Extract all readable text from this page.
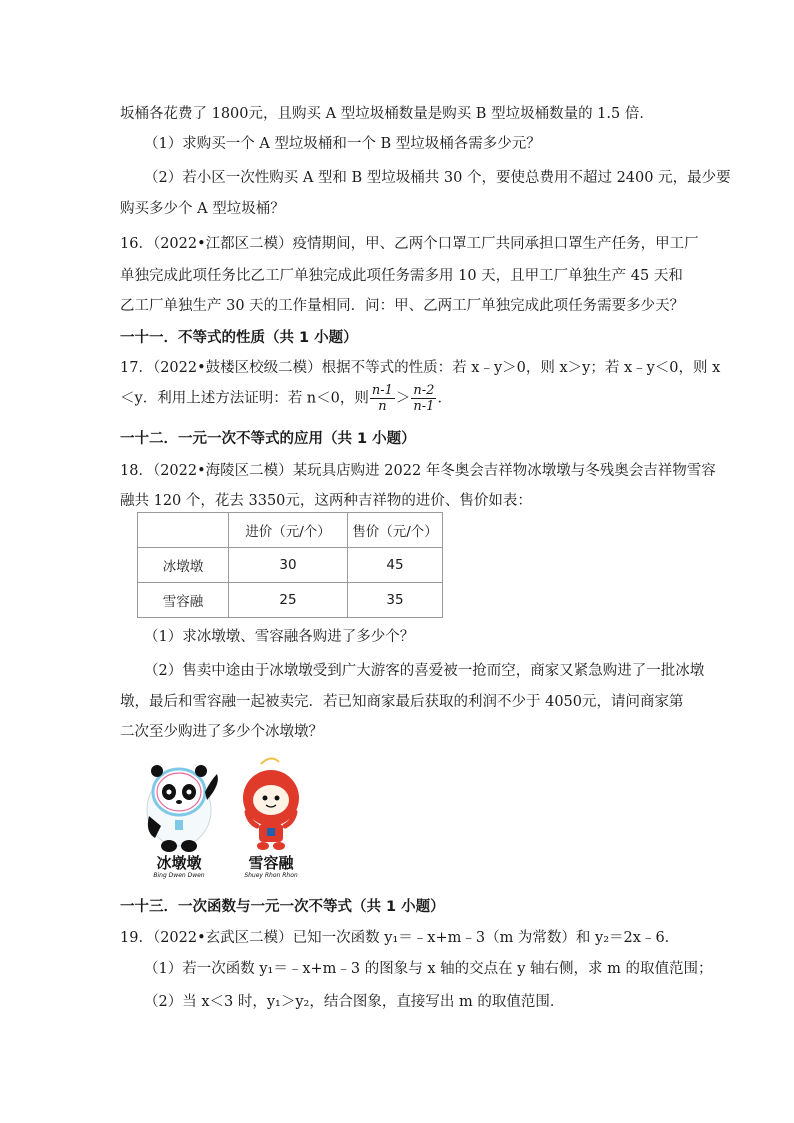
坂桶各花费了 1800元，且购买 A 型垃圾桶数量是购买 B 型垃圾桶数量的 1.5 倍．
（1）求购买一个 A 型垃圾桶和一个 B 型垃圾桶各需多少元？
（2）若小区一次性购买 A 型和 B 型垃圾桶共 30 个，要使总费用不超过 2400 元，最少要
购买多少个 A 型垃圾桶？
16．（2022•江都区二模）疫情期间，甲、乙两个口罩工厂共同承担口罩生产任务，甲工厂
单独完成此项任务比乙工厂单独完成此项任务需多用 10 天，且甲工厂单独生产 45 天和
乙工厂单独生产 30 天的工作量相同．问：甲、乙两工厂单独完成此项任务需要多少天？
一十一．不等式的性质（共 1 小题）
17．（2022•鼓楼区校级二模）根据不等式的性质：若 x﹣y＞0，则 x＞y；若 x﹣y＜0，则 x
＜y．利用上述方法证明：若 n＜0，则 $\frac{n-1}{n} > \frac{n-2}{n-1}$ ．
一十二．一元一次不等式的应用（共 1 小题）
18．（2022•海陵区二模）某玩具店购进 2022 年冬奥会吉祥物冰墩墩与冬残奥会吉祥物雪容
融共 120 个，花去 3350元，这两种吉祥物的进价、售价如表：
	进价（元/个）	售价（元/个）
冰墩墩	30	45
雪容融	25	35
（1）求冰墩墩、雪容融各购进了多少个？
（2）售卖中途由于冰墩墩受到广大游客的喜爱被一抢而空，商家又紧急购进了一批冰墩
墩，最后和雪容融一起被卖完．若已知商家最后获取的利润不少于 4050元，请问商家第
二次至少购进了多少个冰墩墩？
冰墩墩
Bing Dwen Dwen
雪容融
Shuey Rhon Rhon
一十三．一次函数与一元一次不等式（共 1 小题）
19．（2022•玄武区二模）已知一次函数 y₁＝﹣x+m﹣3（m 为常数）和 y₂＝2x﹣6．
（1）若一次函数 y₁＝﹣x+m﹣3 的图象与 x 轴的交点在 y 轴右侧，求 m 的取值范围；
（2）当 x＜3 时，y₁＞y₂，结合图象，直接写出 m 的取值范围．
